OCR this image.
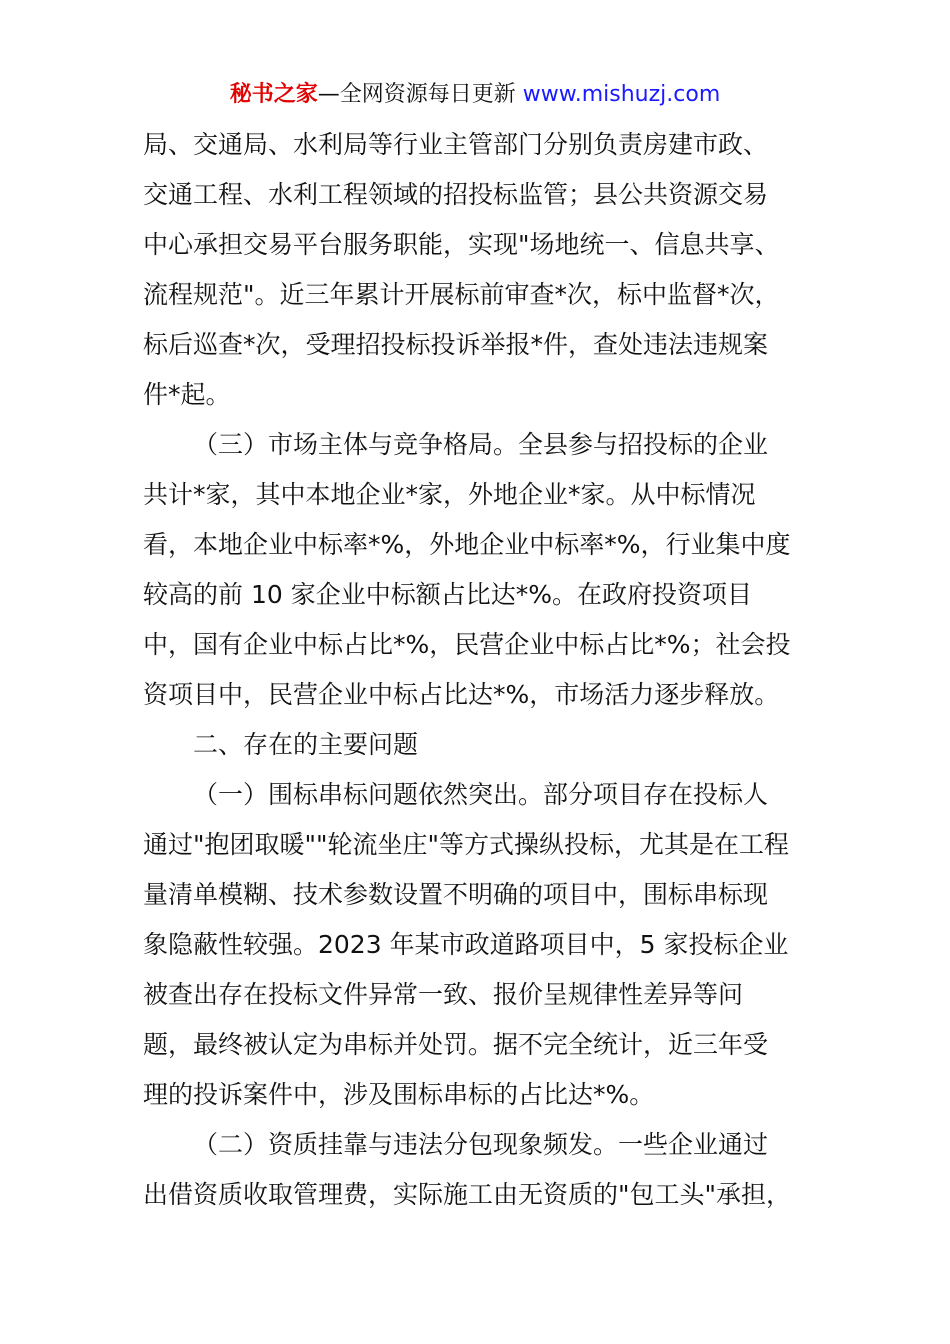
秘书之家—全网资源每日更新 www.mishuzj.com
局、交通局、水利局等行业主管部门分别负责房建市政、
交通工程、水利工程领域的招投标监管；县公共资源交易
中心承担交易平台服务职能，实现"场地统一、信息共享、
流程规范"。近三年累计开展标前审查*次，标中监督*次，
标后巡查*次，受理招投标投诉举报*件，查处违法违规案
件*起。
（三）市场主体与竞争格局。全县参与招投标的企业
共计*家，其中本地企业*家，外地企业*家。从中标情况
看，本地企业中标率*%，外地企业中标率*%，行业集中度
较高的前 10 家企业中标额占比达*%。在政府投资项目
中，国有企业中标占比*%，民营企业中标占比*%；社会投
资项目中，民营企业中标占比达*%，市场活力逐步释放。
二、存在的主要问题
（一）围标串标问题依然突出。部分项目存在投标人
通过"抱团取暖""轮流坐庄"等方式操纵投标，尤其是在工程
量清单模糊、技术参数设置不明确的项目中，围标串标现
象隐蔽性较强。2023 年某市政道路项目中，5 家投标企业
被查出存在投标文件异常一致、报价呈规律性差异等问
题，最终被认定为串标并处罚。据不完全统计，近三年受
理的投诉案件中，涉及围标串标的占比达*%。
（二）资质挂靠与违法分包现象频发。一些企业通过
出借资质收取管理费，实际施工由无资质的"包工头"承担，
